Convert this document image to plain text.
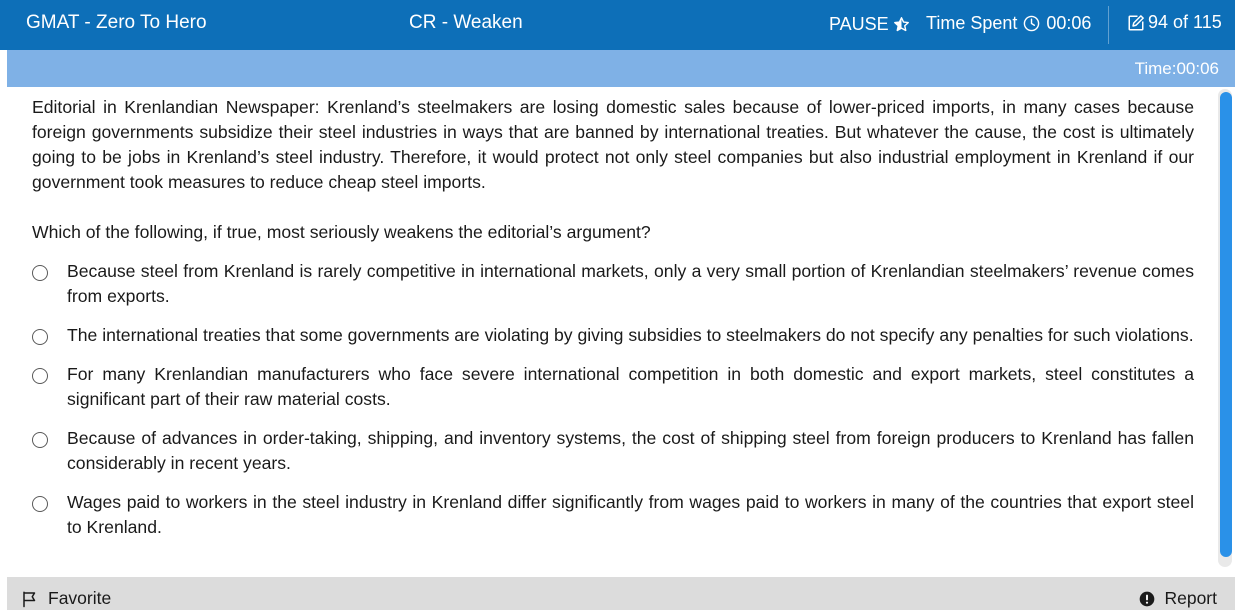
GMAT - Zero To Hero	CR - Weaken	PAUSE Time Spent 00:06	94 of 115
Time:00:06

Editorial in Krenlandian Newspaper: Krenland’s steelmakers are losing domestic sales because of lower-priced imports, in many cases because foreign governments subsidize their steel industries in ways that are banned by international treaties. But whatever the cause, the cost is ultimately going to be jobs in Krenland’s steel industry. Therefore, it would protect not only steel companies but also industrial employment in Krenland if our government took measures to reduce cheap steel imports.

Which of the following, if true, most seriously weakens the editorial’s argument?

Because steel from Krenland is rarely competitive in international markets, only a very small portion of Krenlandian steelmakers’ revenue comes from exports.
The international treaties that some governments are violating by giving subsidies to steelmakers do not specify any penalties for such violations.
For many Krenlandian manufacturers who face severe international competition in both domestic and export markets, steel constitutes a significant part of their raw material costs.
Because of advances in order-taking, shipping, and inventory systems, the cost of shipping steel from foreign producers to Krenland has fallen considerably in recent years.
Wages paid to workers in the steel industry in Krenland differ significantly from wages paid to workers in many of the countries that export steel to Krenland.
Favorite	Report
